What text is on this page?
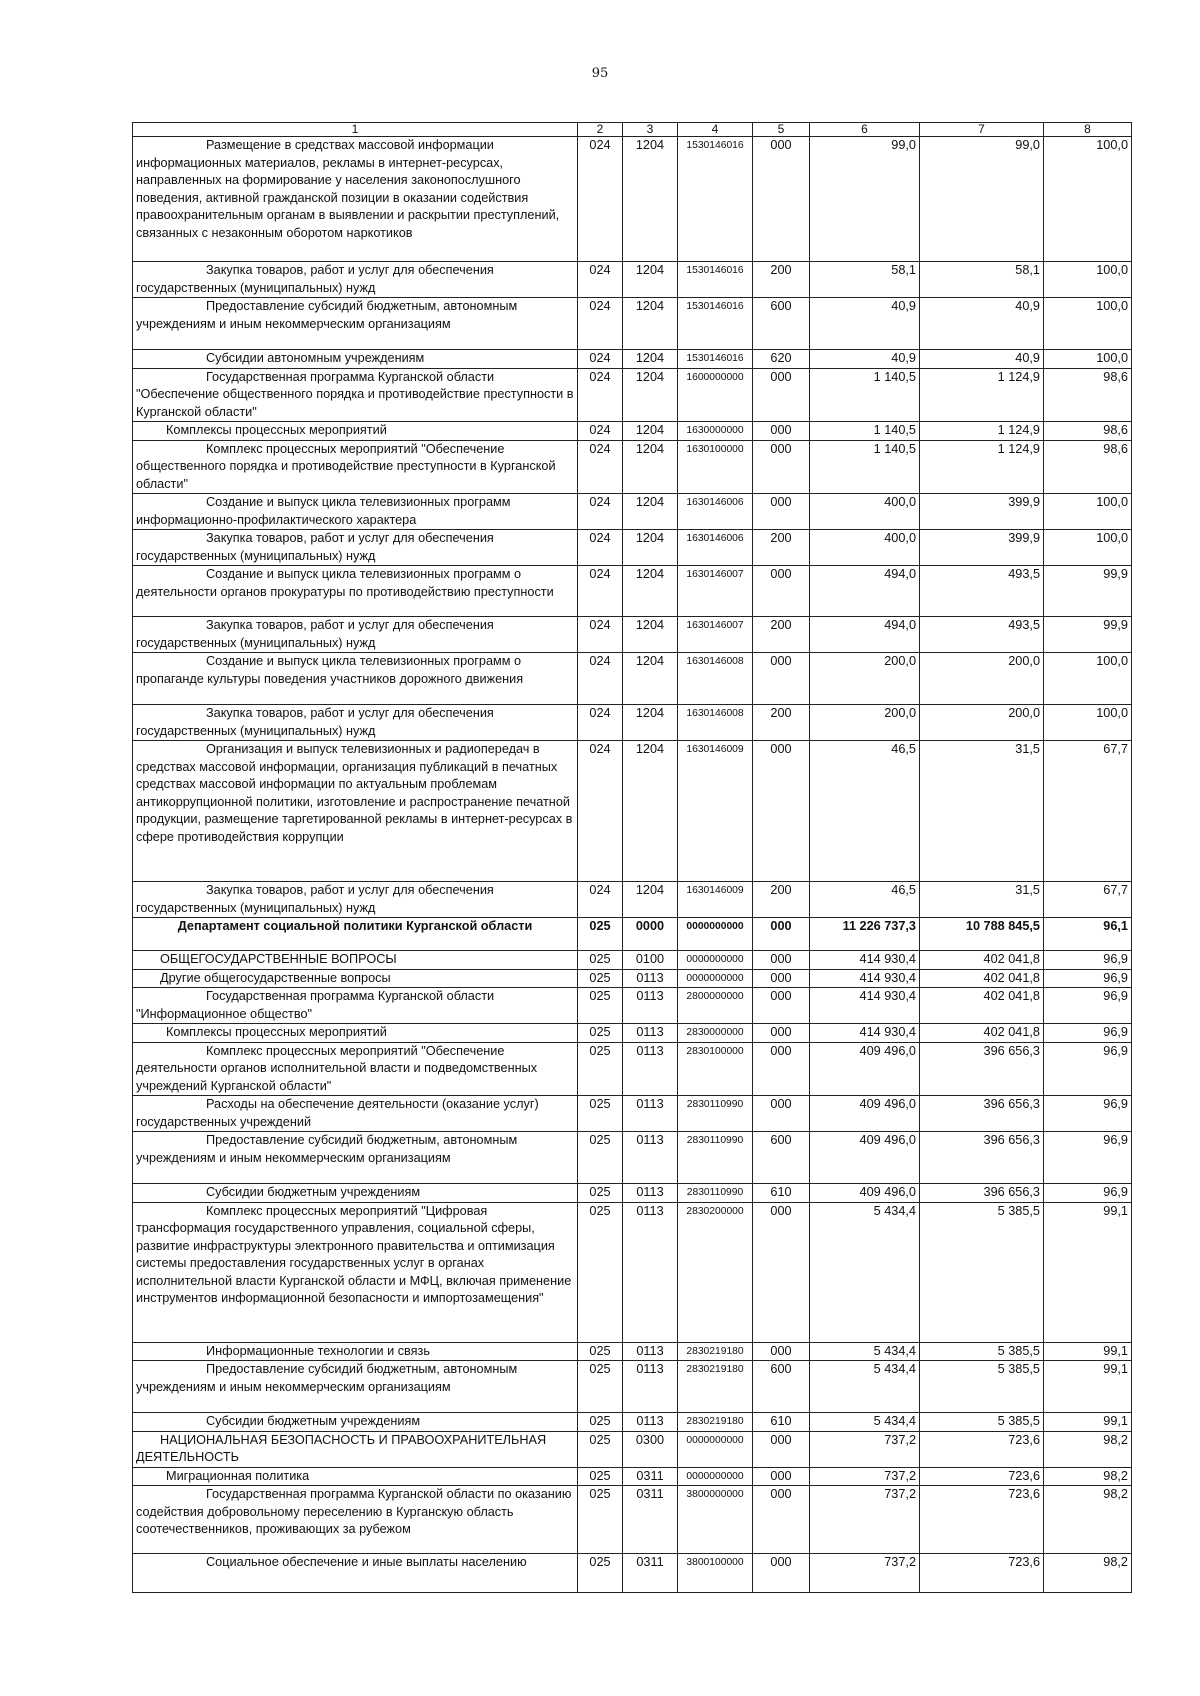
95
1	2	3	4	5	6	7	8
Размещение в средствах массовой информации информационных материалов, рекламы в интернет-ресурсах, направленных на формирование у населения законопослушного поведения, активной гражданской позиции в оказании содействия правоохранительным органам в выявлении и раскрытии преступлений, связанных с незаконным оборотом наркотиков	024	1204	1530146016	000	99,0	99,0	100,0
Закупка товаров, работ и услуг для обеспечения государственных (муниципальных) нужд	024	1204	1530146016	200	58,1	58,1	100,0
Предоставление субсидий бюджетным, автономным учреждениям и иным некоммерческим организациям	024	1204	1530146016	600	40,9	40,9	100,0
Субсидии автономным учреждениям	024	1204	1530146016	620	40,9	40,9	100,0
Государственная программа Курганской области "Обеспечение общественного порядка и противодействие преступности в Курганской области"	024	1204	1600000000	000	1 140,5	1 124,9	98,6
Комплексы процессных мероприятий	024	1204	1630000000	000	1 140,5	1 124,9	98,6
Комплекс процессных мероприятий "Обеспечение общественного порядка и противодействие преступности в Курганской области"	024	1204	1630100000	000	1 140,5	1 124,9	98,6
Создание и выпуск цикла телевизионных программ информационно-профилактического характера	024	1204	1630146006	000	400,0	399,9	100,0
Закупка товаров, работ и услуг для обеспечения государственных (муниципальных) нужд	024	1204	1630146006	200	400,0	399,9	100,0
Создание и выпуск цикла телевизионных программ о деятельности органов прокуратуры по противодействию преступности	024	1204	1630146007	000	494,0	493,5	99,9
Закупка товаров, работ и услуг для обеспечения государственных (муниципальных) нужд	024	1204	1630146007	200	494,0	493,5	99,9
Создание и выпуск цикла телевизионных программ о пропаганде культуры поведения участников дорожного движения	024	1204	1630146008	000	200,0	200,0	100,0
Закупка товаров, работ и услуг для обеспечения государственных (муниципальных) нужд	024	1204	1630146008	200	200,0	200,0	100,0
Организация и выпуск телевизионных и радиопередач в средствах массовой информации, организация публикаций в печатных средствах массовой информации по актуальным проблемам антикоррупционной политики, изготовление и распространение печатной продукции, размещение таргетированной рекламы в интернет-ресурсах в сфере противодействия коррупции	024	1204	1630146009	000	46,5	31,5	67,7
Закупка товаров, работ и услуг для обеспечения государственных (муниципальных) нужд	024	1204	1630146009	200	46,5	31,5	67,7
Департамент социальной политики Курганской области	025	0000	0000000000	000	11 226 737,3	10 788 845,5	96,1
ОБЩЕГОСУДАРСТВЕННЫЕ ВОПРОСЫ	025	0100	0000000000	000	414 930,4	402 041,8	96,9
Другие общегосударственные вопросы	025	0113	0000000000	000	414 930,4	402 041,8	96,9
Государственная программа Курганской области "Информационное общество"	025	0113	2800000000	000	414 930,4	402 041,8	96,9
Комплексы процессных мероприятий	025	0113	2830000000	000	414 930,4	402 041,8	96,9
Комплекс процессных мероприятий "Обеспечение деятельности органов исполнительной власти и подведомственных учреждений Курганской области"	025	0113	2830100000	000	409 496,0	396 656,3	96,9
Расходы на обеспечение деятельности (оказание услуг) государственных учреждений	025	0113	2830110990	000	409 496,0	396 656,3	96,9
Предоставление субсидий бюджетным, автономным учреждениям и иным некоммерческим организациям	025	0113	2830110990	600	409 496,0	396 656,3	96,9
Субсидии бюджетным учреждениям	025	0113	2830110990	610	409 496,0	396 656,3	96,9
Комплекс процессных мероприятий "Цифровая трансформация государственного управления, социальной сферы, развитие инфраструктуры электронного правительства и оптимизация системы предоставления государственных услуг в органах исполнительной власти Курганской области и МФЦ, включая применение инструментов информационной безопасности и импортозамещения"	025	0113	2830200000	000	5 434,4	5 385,5	99,1
Информационные технологии и связь	025	0113	2830219180	000	5 434,4	5 385,5	99,1
Предоставление субсидий бюджетным, автономным учреждениям и иным некоммерческим организациям	025	0113	2830219180	600	5 434,4	5 385,5	99,1
Субсидии бюджетным учреждениям	025	0113	2830219180	610	5 434,4	5 385,5	99,1
НАЦИОНАЛЬНАЯ БЕЗОПАСНОСТЬ И ПРАВООХРАНИТЕЛЬНАЯ ДЕЯТЕЛЬНОСТЬ	025	0300	0000000000	000	737,2	723,6	98,2
Миграционная политика	025	0311	0000000000	000	737,2	723,6	98,2
Государственная программа Курганской области по оказанию содействия добровольному переселению в Курганскую область соотечественников, проживающих за рубежом	025	0311	3800000000	000	737,2	723,6	98,2
Социальное обеспечение и иные выплаты населению	025	0311	3800100000	000	737,2	723,6	98,2
